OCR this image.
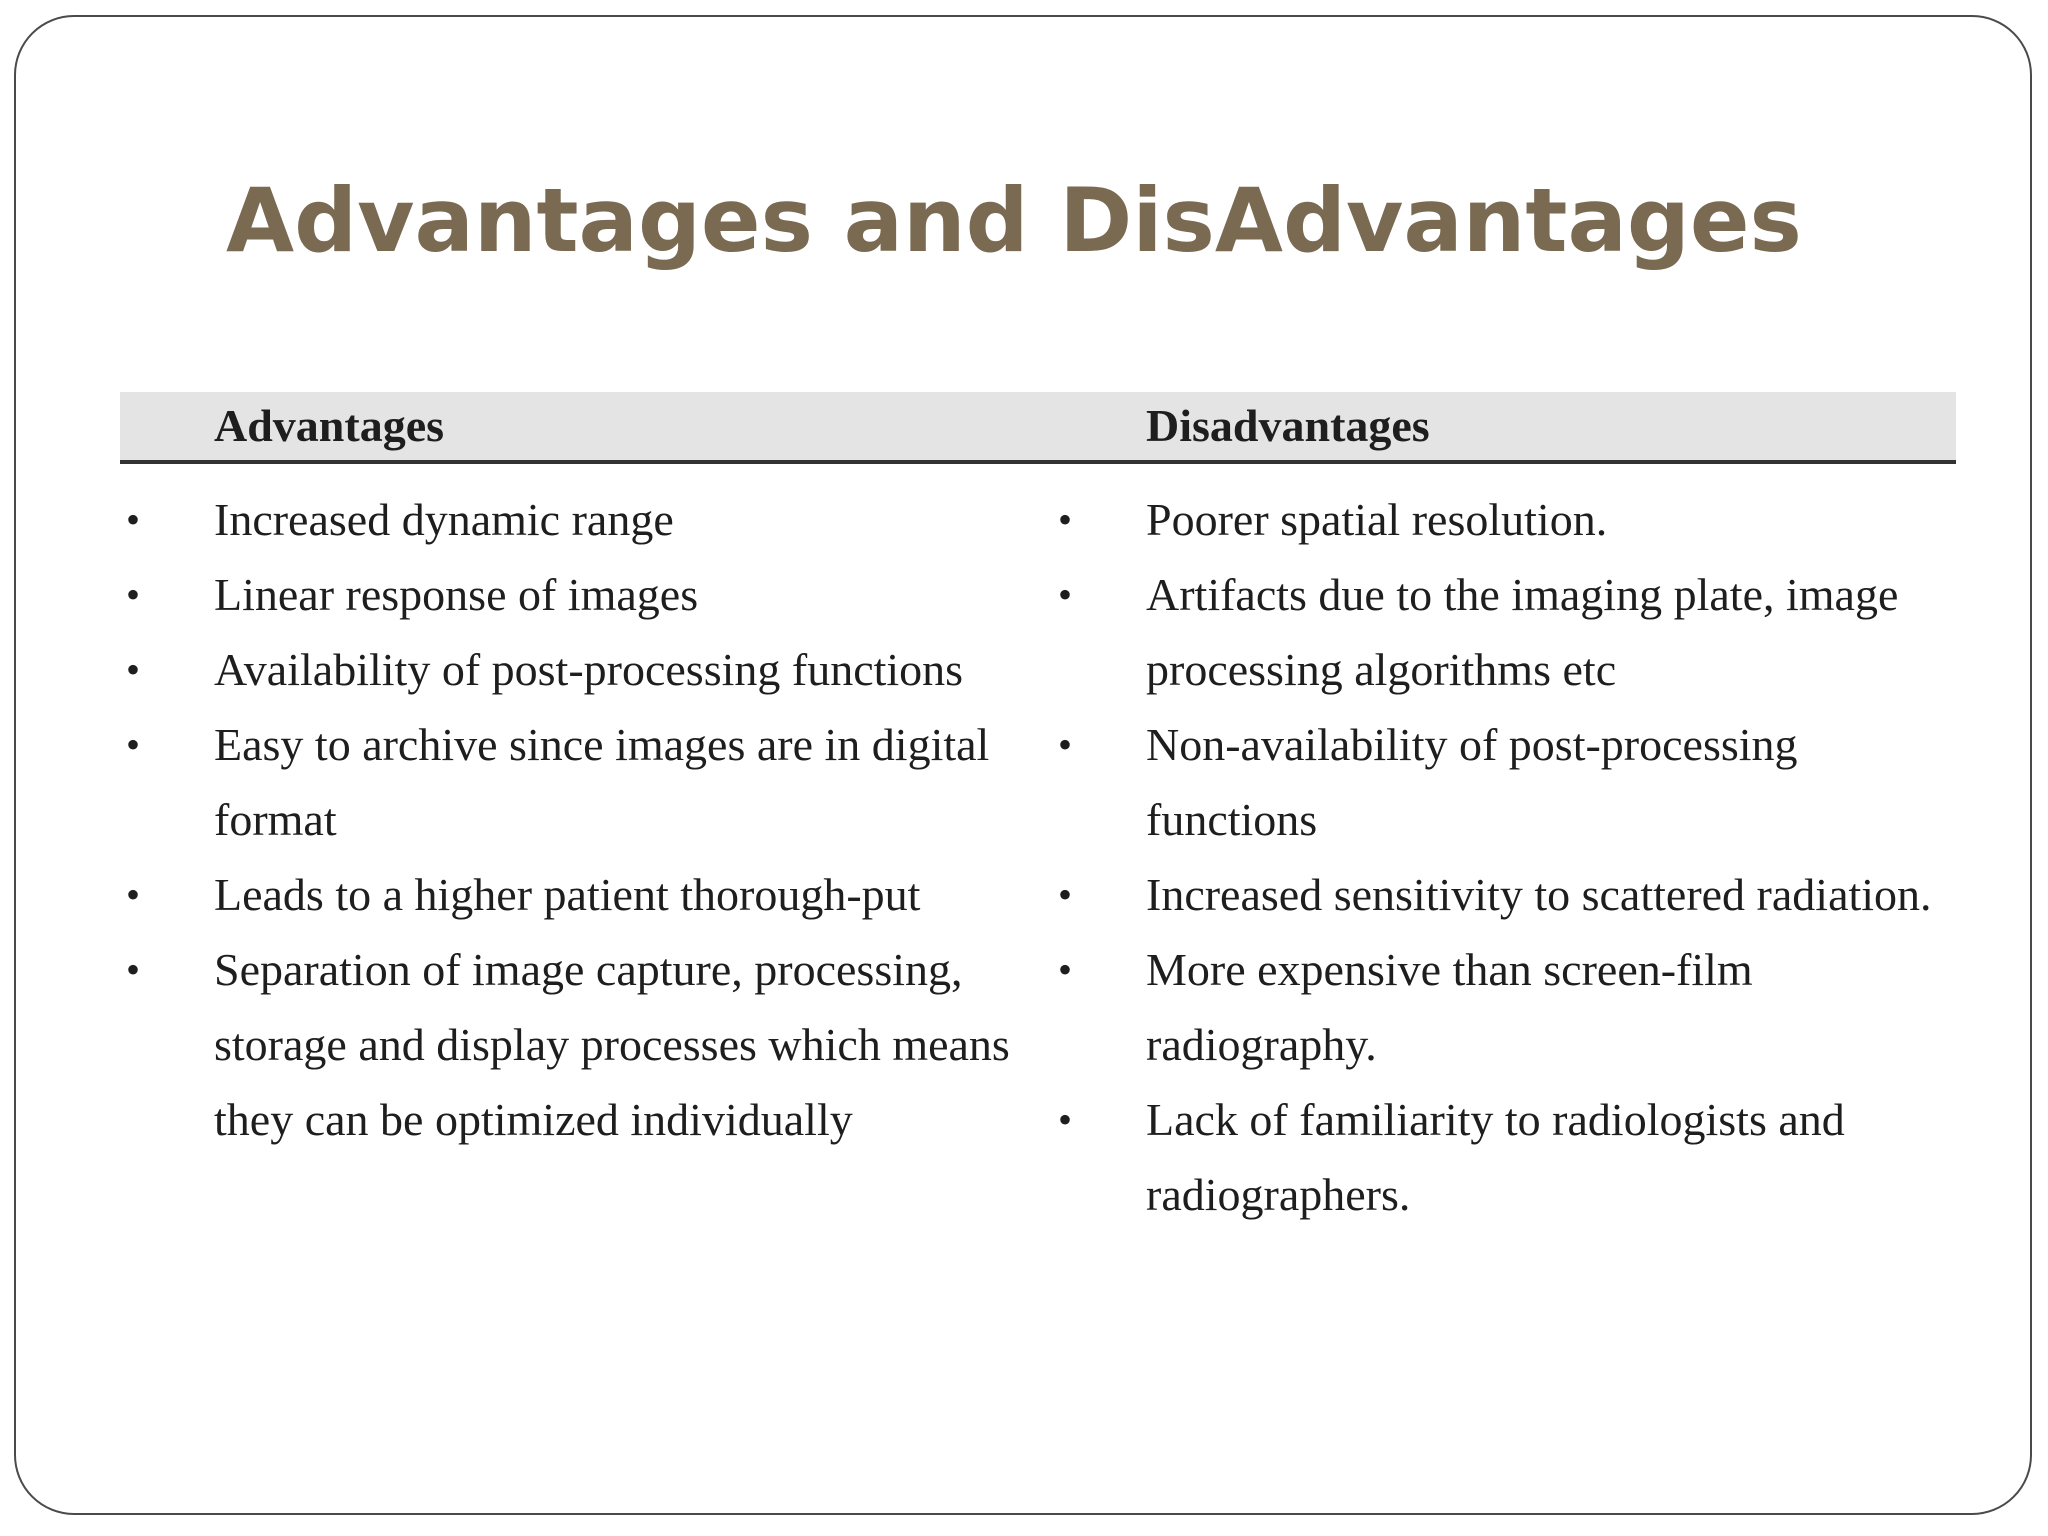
Advantages and DisAdvantages
Advantages	Disadvantages
• Increased dynamic range
• Linear response of images
• Availability of post-processing functions
• Easy to archive since images are in digital format
• Leads to a higher patient thorough-put
• Separation of image capture, processing, storage and display processes which means they can be optimized individually
• Poorer spatial resolution.
• Artifacts due to the imaging plate, image processing algorithms etc
• Non-availability of post-processing functions
• Increased sensitivity to scattered radiation.
• More expensive than screen-film radiography.
• Lack of familiarity to radiologists and radiographers.
